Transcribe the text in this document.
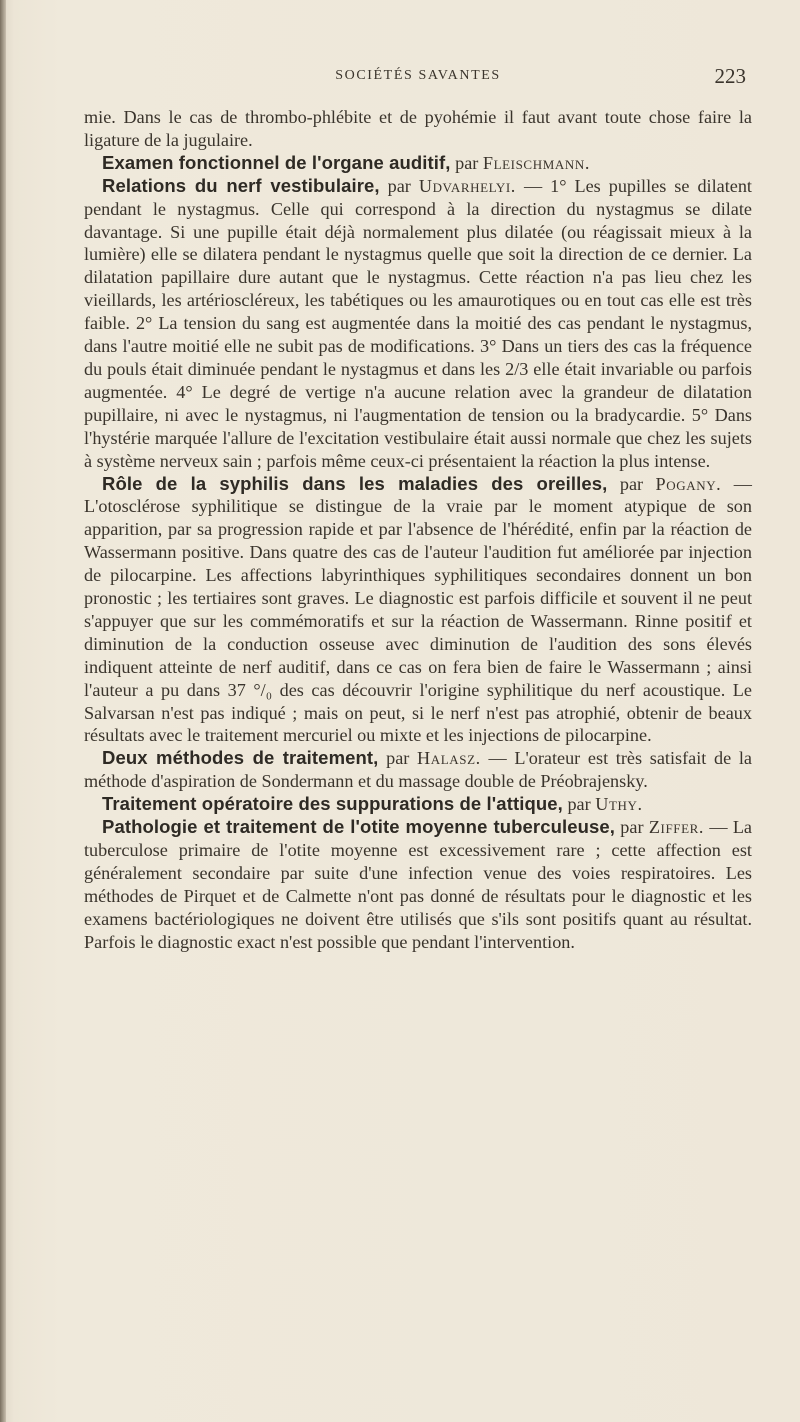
SOCIÉTÉS SAVANTES	223

mie. Dans le cas de thrombo-phlébite et de pyohémie il faut avant toute chose faire la ligature de la jugulaire.

Examen fonctionnel de l'organe auditif, par Fleischmann.

Relations du nerf vestibulaire, par Udvarhelyi. — 1° Les pupilles se dilatent pendant le nystagmus. Celle qui correspond à la direction du nystagmus se dilate davantage. Si une pupille était déjà normalement plus dilatée (ou réagissait mieux à la lumière) elle se dilatera pendant le nystagmus quelle que soit la direction de ce dernier. La dilatation papillaire dure autant que le nystagmus. Cette réaction n'a pas lieu chez les vieillards, les artérioscléreux, les tabétiques ou les amaurotiques ou en tout cas elle est très faible. 2° La tension du sang est augmentée dans la moitié des cas pendant le nystagmus, dans l'autre moitié elle ne subit pas de modifications. 3° Dans un tiers des cas la fréquence du pouls était diminuée pendant le nystagmus et dans les 2/3 elle était invariable ou parfois augmentée. 4° Le degré de vertige n'a aucune relation avec la grandeur de dilatation pupillaire, ni avec le nystagmus, ni l'augmentation de tension ou la bradycardie. 5° Dans l'hystérie marquée l'allure de l'excitation vestibulaire était aussi normale que chez les sujets à système nerveux sain ; parfois même ceux-ci présentaient la réaction la plus intense.

Rôle de la syphilis dans les maladies des oreilles, par Pogany. — L'otosclérose syphilitique se distingue de la vraie par le moment atypique de son apparition, par sa progression rapide et par l'absence de l'hérédité, enfin par la réaction de Wassermann positive. Dans quatre des cas de l'auteur l'audition fut améliorée par injection de pilocarpine. Les affections labyrinthiques syphilitiques secondaires donnent un bon pronostic ; les tertiaires sont graves. Le diagnostic est parfois difficile et souvent il ne peut s'appuyer que sur les commémoratifs et sur la réaction de Wassermann. Rinne positif et diminution de la conduction osseuse avec diminution de l'audition des sons élevés indiquent atteinte de nerf auditif, dans ce cas on fera bien de faire le Wassermann ; ainsi l'auteur a pu dans 37 °/₀ des cas découvrir l'origine syphilitique du nerf acoustique. Le Salvarsan n'est pas indiqué ; mais on peut, si le nerf n'est pas atrophié, obtenir de beaux résultats avec le traitement mercuriel ou mixte et les injections de pilocarpine.

Deux méthodes de traitement, par Halasz. — L'orateur est très satisfait de la méthode d'aspiration de Sondermann et du massage double de Préobrajensky.

Traitement opératoire des suppurations de l'attique, par Uthy.

Pathologie et traitement de l'otite moyenne tuberculeuse, par Ziffer. — La tuberculose primaire de l'otite moyenne est excessivement rare ; cette affection est généralement secondaire par suite d'une infection venue des voies respiratoires. Les méthodes de Pirquet et de Calmette n'ont pas donné de résultats pour le diagnostic et les examens bactériologiques ne doivent être utilisés que s'ils sont positifs quant au résultat. Parfois le diagnostic exact n'est possible que pendant l'intervention.
